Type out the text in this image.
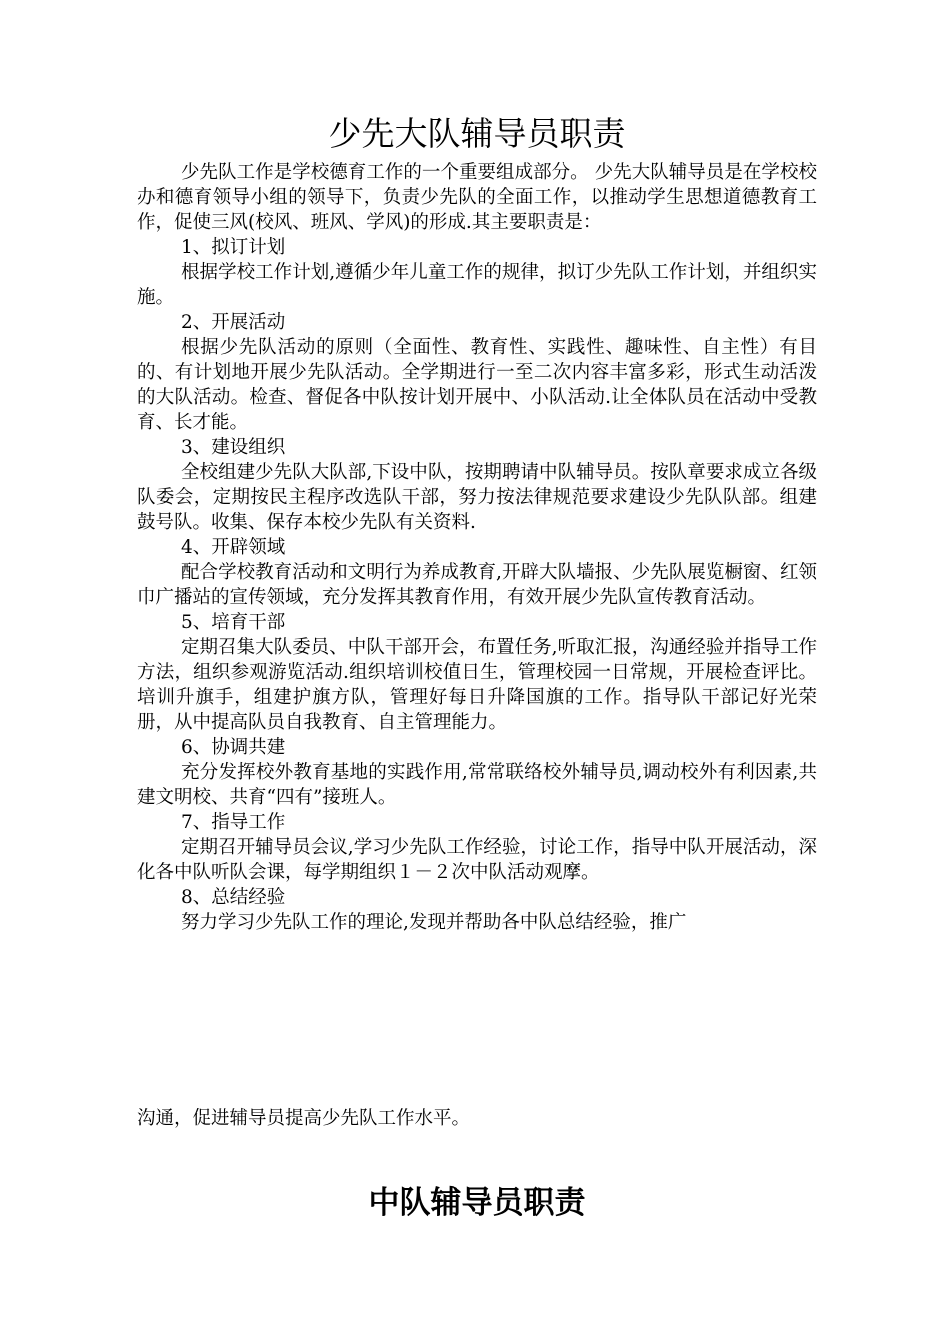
少先大队辅导员职责

少先队工作是学校德育工作的一个重要组成部分。 少先大队辅导员是在学校校办和德育领导小组的领导下，负责少先队的全面工作，以推动学生思想道德教育工作，促使三风(校风、班风、学风)的形成.其主要职责是：

1、拟订计划

根据学校工作计划,遵循少年儿童工作的规律，拟订少先队工作计划，并组织实施。

2、开展活动

根据少先队活动的原则（全面性、教育性、实践性、趣味性、自主性）有目的、有计划地开展少先队活动。全学期进行一至二次内容丰富多彩，形式生动活泼的大队活动。检查、督促各中队按计划开展中、小队活动.让全体队员在活动中受教育、长才能。

3、建设组织

全校组建少先队大队部,下设中队，按期聘请中队辅导员。按队章要求成立各级队委会，定期按民主程序改选队干部，努力按法律规范要求建设少先队队部。组建鼓号队。收集、保存本校少先队有关资料.

4、开辟领域

配合学校教育活动和文明行为养成教育,开辟大队墙报、少先队展览橱窗、红领巾广播站的宣传领域，充分发挥其教育作用，有效开展少先队宣传教育活动。

5、培育干部

定期召集大队委员、中队干部开会，布置任务,听取汇报，沟通经验并指导工作方法，组织参观游览活动.组织培训校值日生，管理校园一日常规，开展检查评比。培训升旗手，组建护旗方队，管理好每日升降国旗的工作。指导队干部记好光荣册，从中提高队员自我教育、自主管理能力。

6、协调共建

充分发挥校外教育基地的实践作用,常常联络校外辅导员,调动校外有利因素,共建文明校、共育“四有”接班人。

7、指导工作

定期召开辅导员会议,学习少先队工作经验，讨论工作，指导中队开展活动，深化各中队听队会课，每学期组织１－２次中队活动观摩。

8、总结经验

努力学习少先队工作的理论,发现并帮助各中队总结经验，推广

沟通，促进辅导员提高少先队工作水平。

中队辅导员职责
